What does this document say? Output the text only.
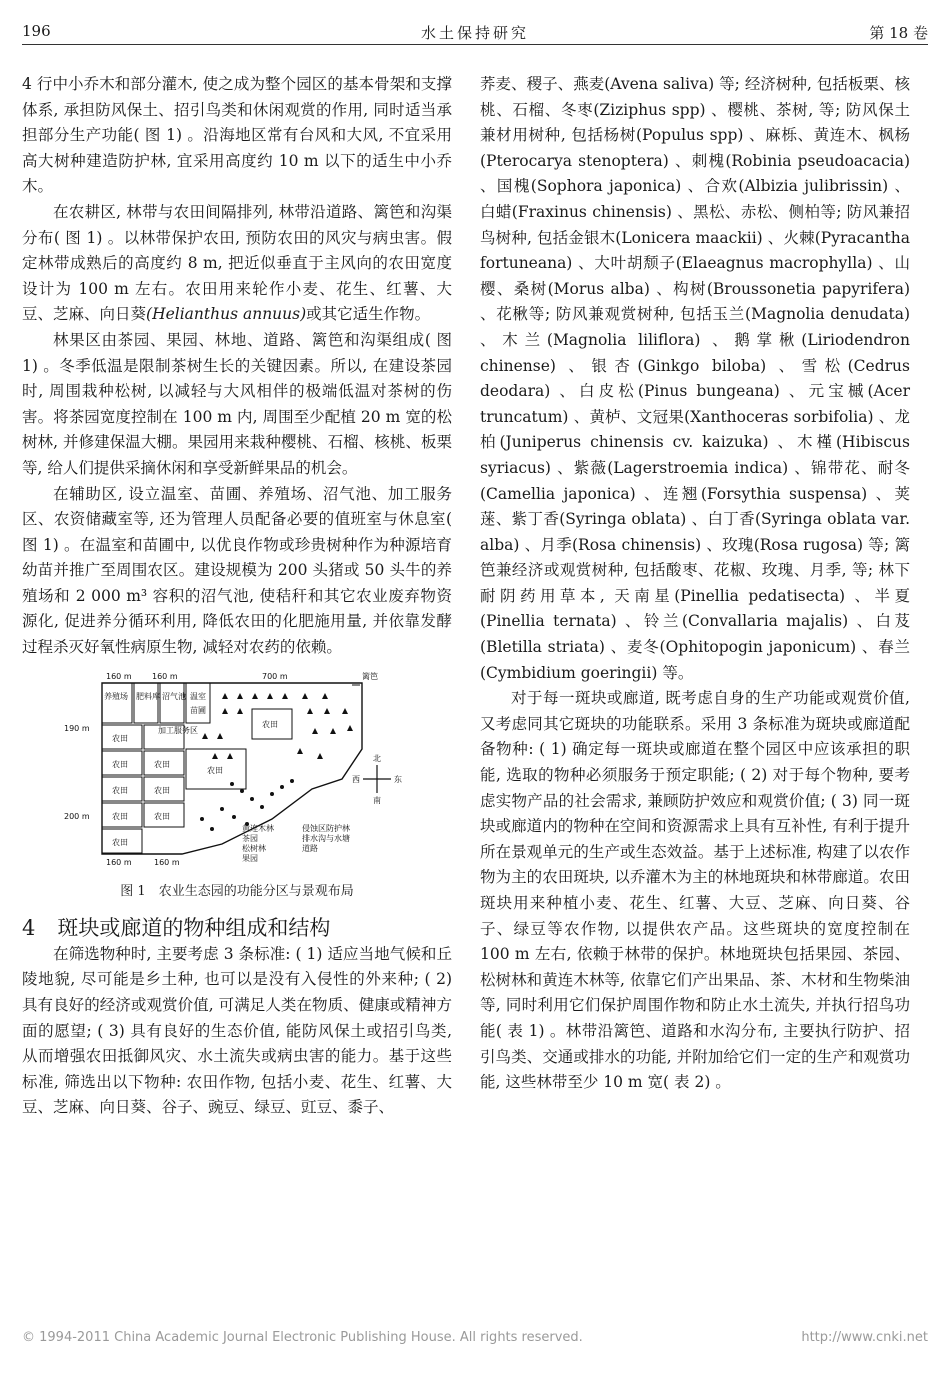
196	水土保持研究	第 18 卷

4 行中小乔木和部分灌木, 使之成为整个园区的基本骨架和支撑体系, 承担防风保土、招引鸟类和休闲观赏的作用, 同时适当承担部分生产功能( 图 1) 。沿海地区常有台风和大风, 不宜采用高大树种建造防护林, 宜采用高度约 10 m 以下的适生中小乔木。

在农耕区, 林带与农田间隔排列, 林带沿道路、篱笆和沟渠分布( 图 1) 。以林带保护农田, 预防农田的风灾与病虫害。假定林带成熟后的高度约 8 m, 把近似垂直于主风向的农田宽度设计为 100 m 左右。农田用来轮作小麦、花生、红薯、大豆、芝麻、向日葵(Helianthus annuus)或其它适生作物。

林果区由茶园、果园、林地、道路、篱笆和沟渠组成( 图 1) 。冬季低温是限制茶树生长的关键因素。所以, 在建设茶园时, 周围栽种松树, 以减轻与大风相伴的极端低温对茶树的伤害。将茶园宽度控制在 100 m 内, 周围至少配植 20 m 宽的松树林, 并修建保温大棚。果园用来栽种樱桃、石榴、核桃、板栗等, 给人们提供采摘休闲和享受新鲜果品的机会。

在辅助区, 设立温室、苗圃、养殖场、沼气池、加工服务区、农资储藏室等, 还为管理人员配备必要的值班室与休息室( 图 1) 。在温室和苗圃中, 以优良作物或珍贵树种作为种源培育幼苗并推广至周围农区。建设规模为 200 头猪或 50 头牛的养殖场和 2 000 m³ 容积的沼气池, 使秸秆和其它农业废弃物资源化, 促进养分循环利用, 降低农田的化肥施用量, 并依靠发酵过程杀灭好氧性病原生物, 减轻对农药的依赖。

160 m	160 m	700 m	篱笆
190 m
200 m
160 m	160 m
养殖场 肥料库 沼气池 温室
苗圃
加工服务区
农田
农田	农田
农田	农田
农田	农田
农田
农田
农田
北
南
西	东
黄连木林
茶园
松树林
果园
侵蚀区防护林
排水沟与水塘
道路
图 1　农业生态园的功能分区与景观布局

4 斑块或廊道的物种组成和结构

在筛选物种时, 主要考虑 3 条标准: ( 1) 适应当地气候和丘陵地貌, 尽可能是乡土种, 也可以是没有入侵性的外来种; ( 2) 具有良好的经济或观赏价值, 可满足人类在物质、健康或精神方面的愿望; ( 3) 具有良好的生态价值, 能防风保土或招引鸟类, 从而增强农田抵御风灾、水土流失或病虫害的能力。基于这些标准, 筛选出以下物种: 农田作物, 包括小麦、花生、红薯、大豆、芝麻、向日葵、谷子、豌豆、绿豆、豇豆、黍子、

荞麦、稷子、燕麦(Avena saliva) 等; 经济树种, 包括板栗、核桃、石榴、冬枣(Ziziphus spp) 、樱桃、茶树, 等; 防风保土兼材用树种, 包括杨树(Populus spp) 、麻栎、黄连木、枫杨(Pterocarya stenoptera) 、刺槐(Robinia pseudoacacia) 、国槐(Sophora japonica) 、合欢(Albizia julibrissin) 、白蜡(Fraxinus chinensis) 、黑松、赤松、侧柏等; 防风兼招鸟树种, 包括金银木(Lonicera maackii) 、火棘(Pyracantha fortuneana) 、大叶胡颓子(Elaeagnus macrophylla) 、山樱、桑树(Morus alba) 、构树(Broussonetia papyrifera) 、花楸等; 防风兼观赏树种, 包括玉兰(Magnolia denudata) 、木兰(Magnolia liliflora) 、鹅掌楸(Liriodendron chinense) 、银杏(Ginkgo biloba) 、雪松(Cedrus deodara) 、白皮松(Pinus bungeana) 、元宝槭(Acer truncatum) 、黄栌、文冠果(Xanthoceras sorbifolia) 、龙柏(Juniperus chinensis cv. kaizuka) 、木槿(Hibiscus syriacus) 、紫薇(Lagerstroemia indica) 、锦带花、耐冬(Camellia japonica) 、连翘(Forsythia suspensa) 、荚蒾、紫丁香(Syringa oblata) 、白丁香(Syringa oblata var. alba) 、月季(Rosa chinensis) 、玫瑰(Rosa rugosa) 等; 篱笆兼经济或观赏树种, 包括酸枣、花椒、玫瑰、月季, 等; 林下耐阴药用草本, 天南星(Pinellia pedatisecta) 、半夏(Pinellia ternata) 、铃兰(Convallaria majalis) 、白芨(Bletilla striata) 、麦冬(Ophitopogin japonicum) 、春兰(Cymbidium goeringii) 等。

对于每一斑块或廊道, 既考虑自身的生产功能或观赏价值, 又考虑同其它斑块的功能联系。采用 3 条标准为斑块或廊道配备物种: ( 1) 确定每一斑块或廊道在整个园区中应该承担的职能, 选取的物种必须服务于预定职能; ( 2) 对于每个物种, 要考虑实物产品的社会需求, 兼顾防护效应和观赏价值; ( 3) 同一斑块或廊道内的物种在空间和资源需求上具有互补性, 有利于提升所在景观单元的生产或生态效益。基于上述标准, 构建了以农作物为主的农田斑块, 以乔灌木为主的林地斑块和林带廊道。农田斑块用来种植小麦、花生、红薯、大豆、芝麻、向日葵、谷子、绿豆等农作物, 以提供农产品。这些斑块的宽度控制在 100 m 左右, 依赖于林带的保护。林地斑块包括果园、茶园、松树林和黄连木林等, 依靠它们产出果品、茶、木材和生物柴油等, 同时利用它们保护周围作物和防止水土流失, 并执行招鸟功能( 表 1) 。林带沿篱笆、道路和水沟分布, 主要执行防护、招引鸟类、交通或排水的功能, 并附加给它们一定的生产和观赏功能, 这些林带至少 10 m 宽( 表 2) 。

© 1994-2011 China Academic Journal Electronic Publishing House. All rights reserved.	http://www.cnki.net
